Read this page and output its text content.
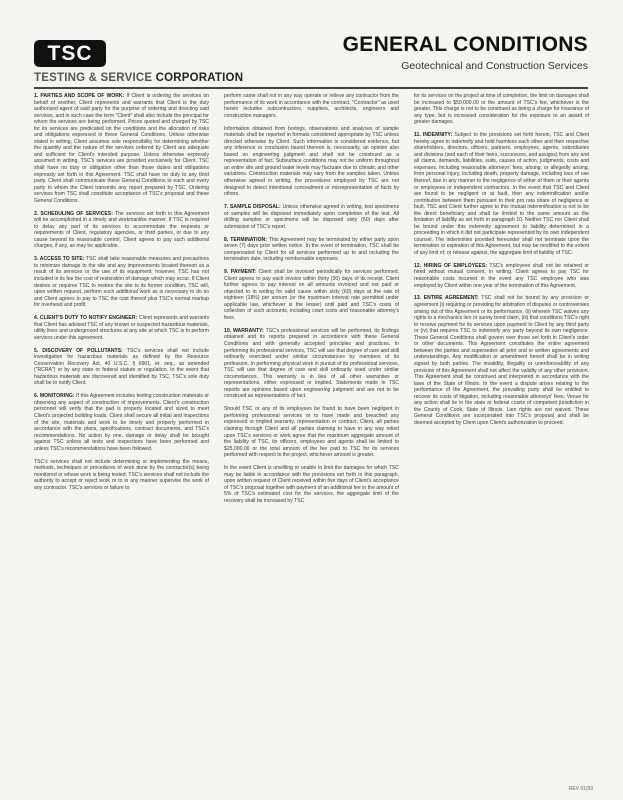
TSC
TESTING & SERVICE CORPORATION
GENERAL CONDITIONS
Geotechnical and Construction Services

1. PARTIES AND SCOPE OF WORK: If Client is ordering the services on behalf of another, Client represents and warrants that Client is the duly authorized agent of said party for the purpose of ordering and directing said services, and in such case the term "Client" shall also include the principal for whom the services are being performed. Prices quoted and charged by TSC for its services are predicated on the conditions and the allocation of risks and obligations expressed in these General Conditions. Unless otherwise stated in writing, Client assumes sole responsibility for determining whether the quantity and the nature of the services ordered by Client are adequate and sufficient for Client's intended purpose. Unless otherwise expressly assumed in writing, TSC's services are provided exclusively for Client. TSC shall have no duty or obligation other than those duties and obligations expressly set forth in this Agreement. TSC shall have no duty to any third party. Client shall communicate these General Conditions to each and every party to whom the Client transmits any report prepared by TSC. Ordering services from TSC shall constitute acceptance of TSC's proposal and these General Conditions.

2. SCHEDULING OF SERVICES: The services set forth in this Agreement will be accomplished in a timely and workmanlike manner. If TSC is required to delay any part of its services to accommodate the requests or requirements of Client, regulatory agencies, or third parties, or due to any cause beyond its reasonable control, Client agrees to pay such additional charges, if any, as may be applicable.

3. ACCESS TO SITE: TSC shall take reasonable measures and precautions to minimize damage to the site and any improvements located thereon as a result of its services or the use of its equipment; however, TSC has not included in its fee the cost of restoration of damage which may occur. If Client desires or requires TSC to restore the site to its former condition, TSC will, upon written request, perform such additional work as is necessary to do so and Client agrees to pay to TSC the cost thereof plus TSC's normal markup for overhead and profit.

4. CLIENT'S DUTY TO NOTIFY ENGINEER: Client represents and warrants that Client has advised TSC of any known or suspected hazardous materials, utility lines and underground structures at any site at which TSC is to perform services under this agreement.

5. DISCOVERY OF POLLUTANTS: TSC's services shall not include investigation for hazardous materials as defined by the Resource Conservation Recovery Act, 40 U.S.C. § 6901, et. seq., as amended ("RCRA") or by any state or federal statute or regulation. In the event that hazardous materials are discovered and identified by TSC, TSC's sole duty shall be to notify Client.

6. MONITORING: If this Agreement includes testing construction materials or observing any aspect of construction of improvements, Client's construction personnel will verify that the pad is properly located and sized to meet Client's projected building loads. Client shall secure all initial and inspections of the site, materials and work to be timely and properly performed in accordance with the plans, specifications, contract documents, and TSC's recommendations. No action by one, damage or delay shall be brought against TSC unless all tests and inspections have been performed and unless TSC's recommendations have been followed.

TSC's services shall not include determining or implementing the means, methods, techniques or procedures of work done by the contractor(s) being monitored or whose work is being tested. TSC's services shall not include the authority to accept or reject work or to in any manner supervise the work of any contractor. TSC's services or failure to

perform same shall not in any way operate or relieve any contractor from the performance of its work in accordance with the contract. "Contractor" as used herein includes subcontractors, suppliers, architects, engineers and construction managers.

Information obtained from borings, observations and analyses of sample materials shall be reported in formats considered appropriate by TSC unless directed otherwise by Client. Such information is considered evidence, but any inference or conclusion based thereon is, necessarily, an opinion also based on engineering judgment and shall not be construed as a representation of fact. Subsurface conditions may not be uniform throughout an entire site and ground water levels may fluctuate due to climatic and other variations. Construction materials may vary from the samples taken. Unless otherwise agreed in writing, the procedures employed by TSC are not designed to detect intentional concealment or misrepresentation of facts by others.

7. SAMPLE DISPOSAL: Unless otherwise agreed in writing, test specimens or samples will be disposed immediately upon completion of the test. All drilling samples or specimens will be disposed sixty (60) days after submission of TSC's report.

8. TERMINATION: This Agreement may be terminated by either party upon seven (7) days prior written notice. In the event of termination, TSC shall be compensated by Client for all services performed up to and including the termination date, including reimbursable expenses.

9. PAYMENT: Client shall be invoiced periodically for services performed. Client agrees to pay each invoice within thirty (30) days of its receipt. Client further agrees to pay interest on all amounts invoiced and not paid or objected to in writing for valid cause within sixty (60) days at the rate of eighteen (18%) per annum (or the maximum interest rate permitted under applicable law, whichever is the lesser) until paid and TSC's costs of collection of such accounts, including court costs and reasonable attorney's fees.

10. WARRANTY: TSC's professional services will be performed, its findings obtained and its reports prepared in accordance with these General Conditions and with generally accepted principles and practices. In performing its professional services, TSC will use that degree of care and skill ordinarily exercised under similar circumstances by members of its profession. In performing physical work in pursuit of its professional services, TSC will use that degree of care and skill ordinarily used under similar circumstances. This warranty is in lieu of all other warranties or representations, either expressed or implied. Statements made in TSC reports are opinions based upon engineering judgment and are not to be construed as representations of fact.

Should TSC or any of its employees be found to have been negligent in performing professional services or to have made and breached any expressed or implied warranty, representation or contract, Client, all parties claiming through Client and all parties claiming to have in any way relied upon TSC's services or work agree that the maximum aggregate amount of the liability of TSC, its officers, employees and agents shall be limited to $25,000.00 or the total amount of the fee paid to TSC for its services performed with respect to the project, whichever amount is greater.

In the event Client is unwilling or unable to limit the damages for which TSC may be liable in accordance with the provisions set forth in this paragraph, upon written request of Client received within five days of Client's acceptance of TSC's proposal together with payment of an additional fee in the amount of 5% of TSC's estimated cost for the services, the aggregate limit of the recovery shall be increased by TSC

for its services on the project at time of completion, the limit on damages shall be increased to $50,000.00 or the amount of TSC's fee, whichever is the greater. This charge is not to be construed as being a charge for insurance of any type, but is increased consideration for the exposure to an award of greater damages.

11. INDEMNITY: Subject to the provisions set forth herein, TSC and Client hereby agree to indemnify and hold harmless each other and their respective shareholders, directors, officers, partners, employees, agents, subsidiaries and divisions (and each of their heirs, successors, and assigns) from any and all claims, demands, liabilities, suits, causes of action, judgments, costs and expenses, including reasonable attorneys' fees, arising, or allegedly arising, from personal injury, including death, property damage, including loss of use thereof, due in any manner to the negligence of either of them or their agents or employees or independent contractors. In the event that TSC and Client are found to be negligent or at fault, then any indemnification and/or contribution between them pursuant to their pro rata share of negligence or fault. TSC and Client further agree to this mutual indemnification is not to be the direct beneficiary and shall be limited to the same amount as the limitation of liability as set forth in paragraph 10. Neither TSC nor Client shall be bound under this indemnity agreement to liability determined in a proceeding in which it did not participate represented by its own independent counsel. The indemnities provided hereunder shall not terminate upon the termination or expiration of this Agreement, but may be modified to the extent of any limit of, or release against, the aggregate limit of liability of TSC.

12. HIRING OF EMPLOYEES: TSC's employees shall not be retained or hired without mutual consent, in writing. Client agrees to pay TSC for reasonable costs incurred in the event any TSC employee who was employed by Client within one year of the termination of this Agreement.

13. ENTIRE AGREEMENT: TSC shall not be bound by any provision or agreement (i) requiring or providing for arbitration of disputes or controversies arising out of this Agreement or its performance, (ii) wherein TSC waives any rights to a mechanics lien or surety bond claim, (iii) that conditions TSC's right to receive payment for its services upon payment to Client by any third party or (iv) that requires TSC to indemnify any party beyond its own negligence. These General Conditions shall govern over those set forth in Client's order or other documents. This Agreement constitutes the entire agreement between the parties and supersedes all prior oral or written agreements and understandings. Any modification or amendment hereof shall be in writing signed by both parties. The invalidity, illegality or unenforceability of any provision of this Agreement shall not affect the validity of any other provision. This Agreement shall be construed and interpreted in accordance with the laws of the State of Illinois. In the event a dispute arises relating to the performance of the Agreement, the prevailing party shall be entitled to recover its costs of litigation, including reasonable attorneys' fees. Venue for any action shall lie in the state or federal courts of competent jurisdiction in the County of Cook, State of Illinois. Lien rights are not waived. These General Conditions are incorporated into TSC's proposal and shall be deemed accepted by Client upon Client's authorization to proceed.

REV 01/99
